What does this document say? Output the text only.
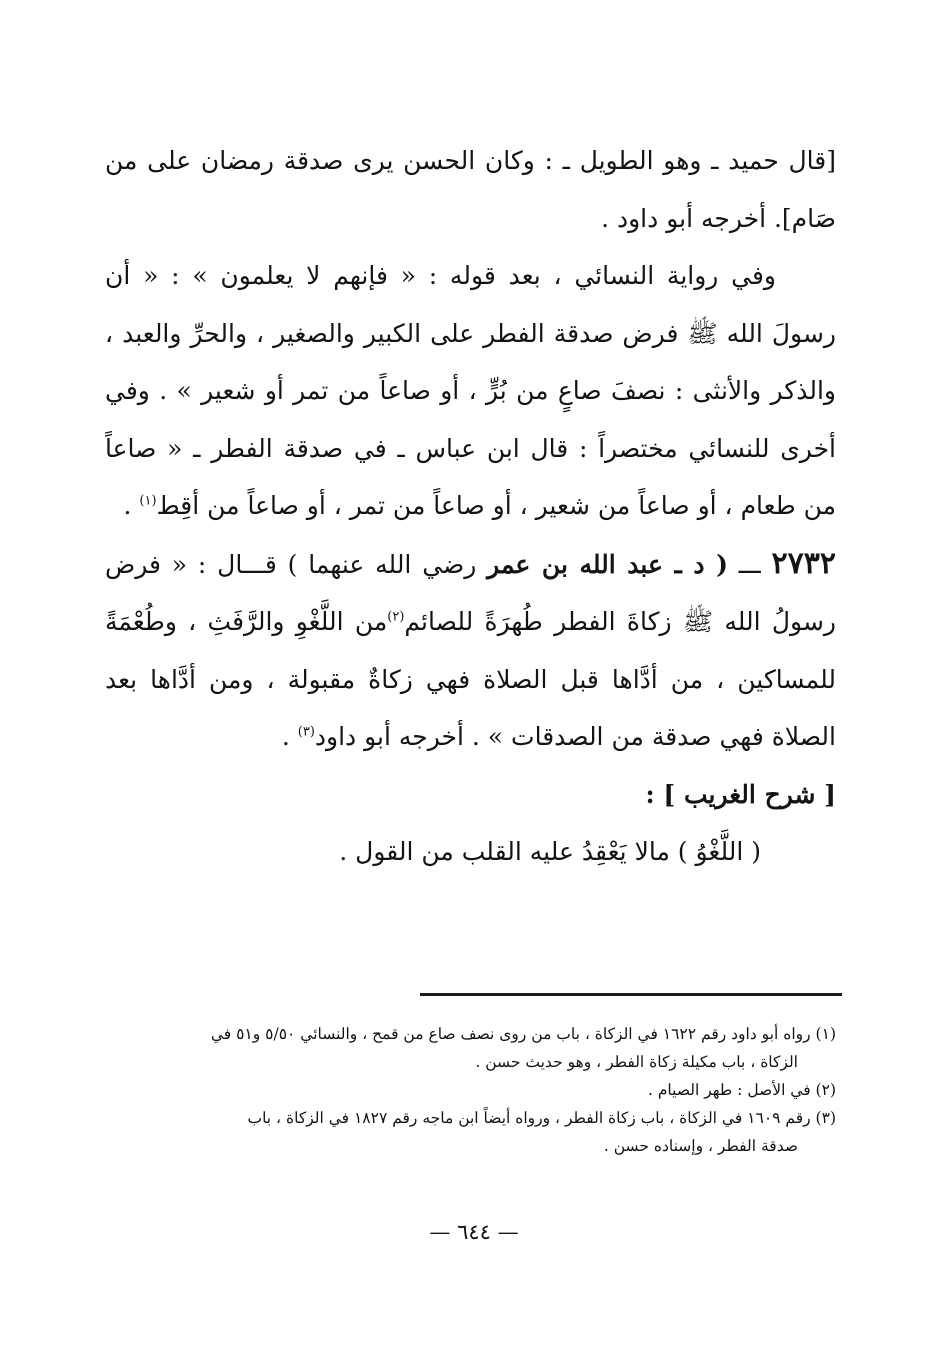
[قال حميد ـ وهو الطويل ـ : وكان الحسن يرى صدقة رمضان على من صَام]. أخرجه أبو داود .

وفي رواية النسائي ، بعد قوله : « فإنهم لا يعلمون » : « أن رسولَ الله ﷺ فرض صدقة الفطر على الكبير والصغير ، والحرِّ والعبد ، والذكر والأنثى : نصفَ صاعٍ من بُرٍّ ، أو صاعاً من تمر أو شعير » . وفي أخرى للنسائي مختصراً : قال ابن عباس ـ في صدقة الفطر ـ « صاعاً من طعام ، أو صاعاً من شعير ، أو صاعاً من تمر ، أو صاعاً من أقِط$^{(١)}$ .

٢٧٣٢ ـــ ( د ـ عبد الله بن عمر رضي الله عنهما ) قـــال : « فرض رسولُ الله ﷺ زكاةَ الفطر طُهرَةً للصائم$^{(٢)}$من اللَّغْوِ والرَّفَثِ ، وطُعْمَةً للمساكين ، من أدَّاها قبل الصلاة فهي زكاةٌ مقبولة ، ومن أدَّاها بعد الصلاة فهي صدقة من الصدقات » . أخرجه أبو داود$^{(٣)}$ .

[ شرح الغريب ] :

( اللَّغْوُ ) مالا يَعْقِدُ عليه القلب من القول .

(١) رواه أبو داود رقم ١٦٢٢ في الزكاة ، باب من روى نصف صاع من قمح ، والنسائي ٥/٥٠ و٥١ في

الزكاة ، باب مكيلة زكاة الفطر ، وهو حديث حسن .

(٢) في الأصل : طهر الصيام .

(٣) رقم ١٦٠٩ في الزكاة ، باب زكاة الفطر ، ورواه أيضاً ابن ماجه رقم ١٨٢٧ في الزكاة ، باب

صدقة الفطر ، وإسناده حسن .

— ٦٤٤ —
